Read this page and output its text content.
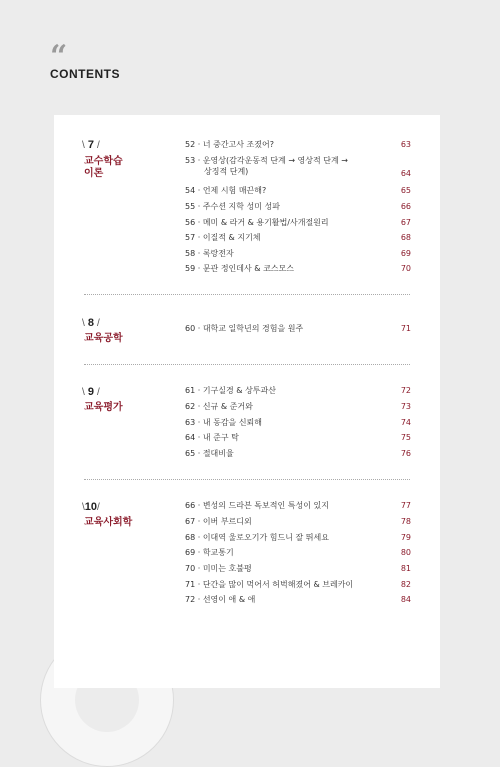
“
CONTENTS
\ 7 /
교수학습
이론
52 · 너 중간고사 조졌어?	63
53 · 운영상(감각운동적 단계 → 영상적 단계 →
상징적 단계)	64
54 · 언제 시험 매끈해?	65
55 · 주수션 지학 성미 성파	66
56 · 메미 & 라거 & 용기활법/사개절원리	67
57 · 이질적 & 지기체	68
58 · 록랑전자	69
59 · 문관 정인데사 & 코스모스	70
\ 8 /
교육공학
60 · 대학교 일학년의 경험을 원주	71
\ 9 /
교육평가
61 · 기구실경 & 상투과산	72
62 · 신규 & 준거와	73
63 · 내 동감을 신뢰해	74
64 · 내 준구 탁	75
65 · 절대비율	76
\10/
교육사회학
66 · 변성의 드라븐 독보적인 특성이 있지	77
67 · 이버 부르디외	78
68 · 이대역 울로오기가 힘드니 잘 뛰세요	79
69 · 학교통기	80
70 · 미미는 호불평	81
71 · 단간을 많이 먹어서 허벅해졌어 & 브레카이	82
72 · 선영이 애 & 애	84
